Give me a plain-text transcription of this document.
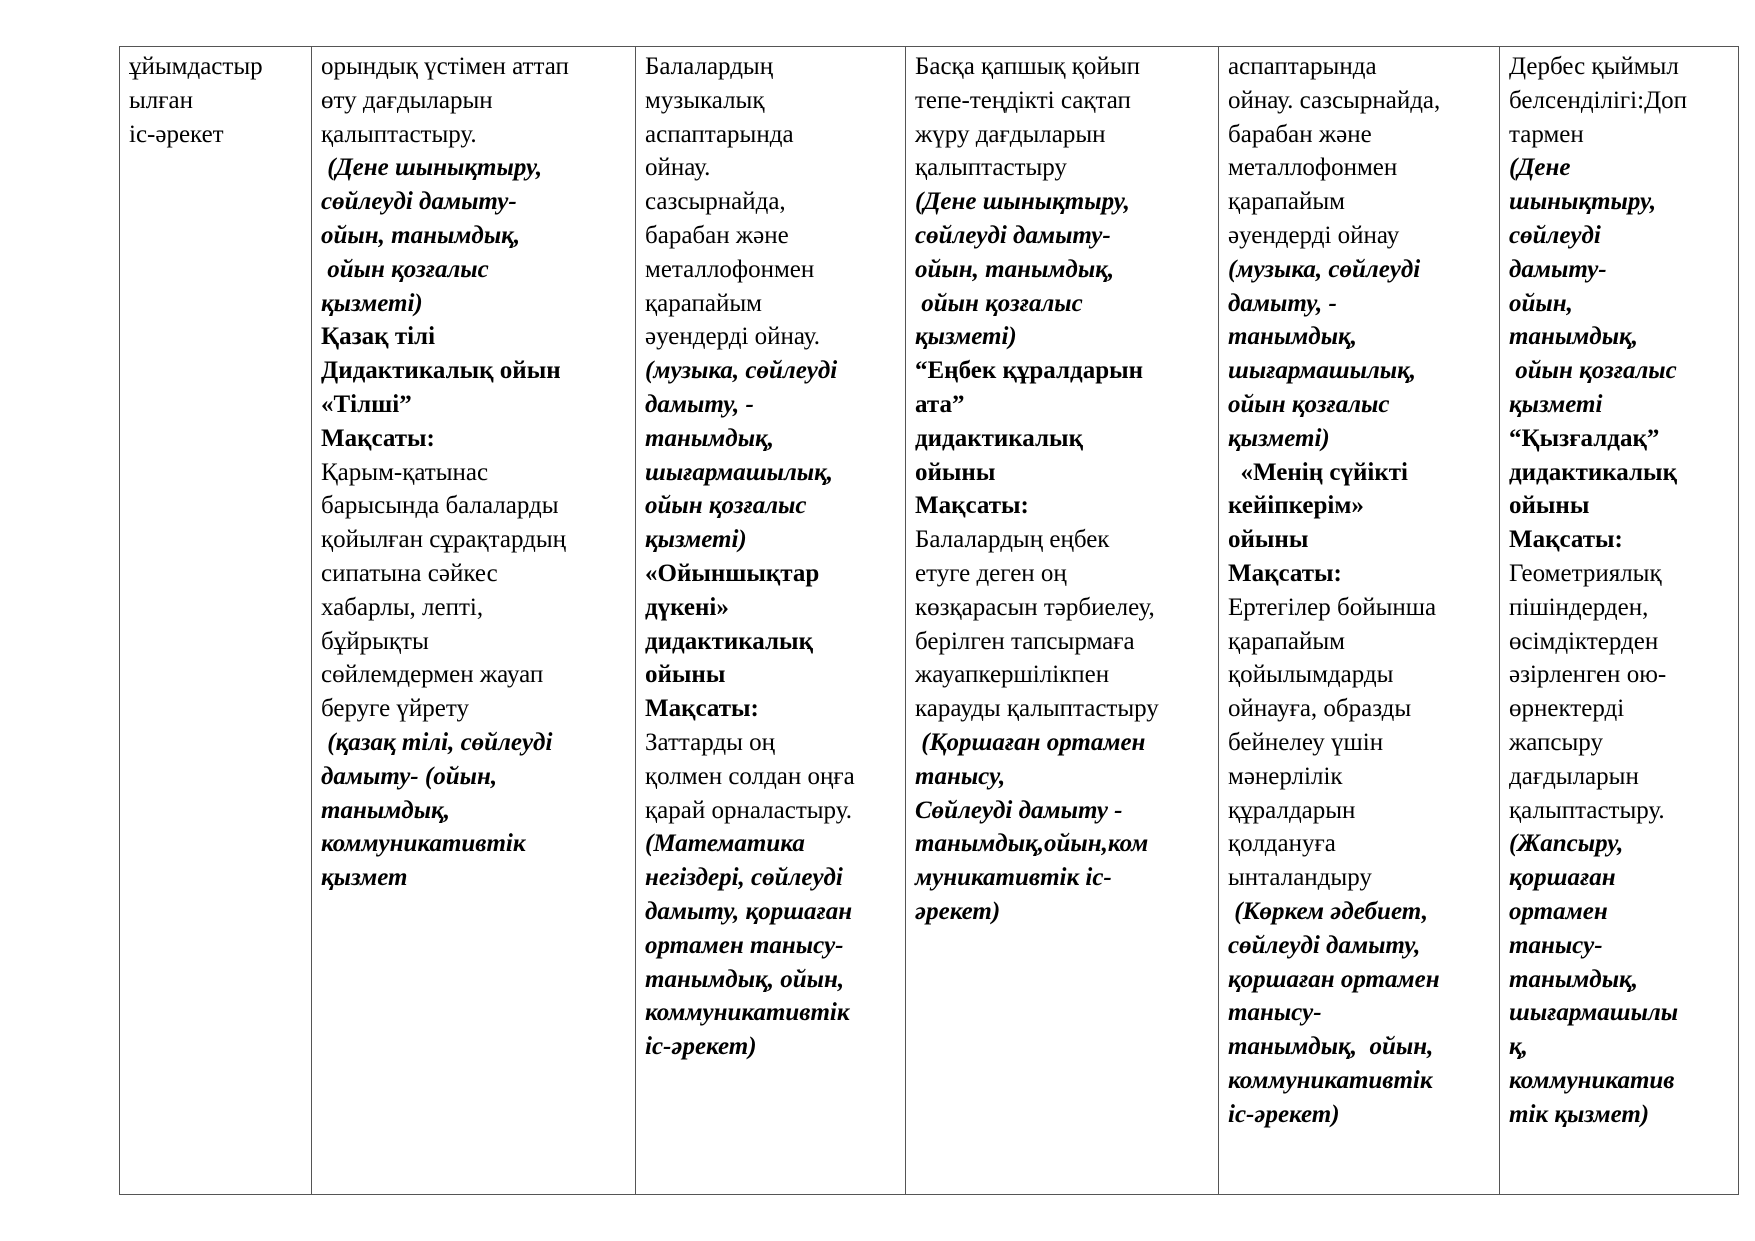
ұйымдастыр
ылған
іс-әрекет

орындық үстімен аттап
өту дағдыларын
қалыптастыру.
(Дене шынықтыру,
сөйлеуді дамыту-
ойын, танымдық,
ойын қозғалыс
қызметі)
Қазақ тілі
Дидактикалық ойын
«Тілші”
Мақсаты:
Қарым-қатынас
барысында балаларды
қойылған сұрақтардың
сипатына сәйкес
хабарлы, лепті,
бұйрықты
сөйлемдермен жауап
беруге үйрету
(қазақ тілі, сөйлеуді
дамыту- (ойын,
танымдық,
коммуникативтік
қызмет

Балалардың
музыкалық
аспаптарында
ойнау.
сазсырнайда,
барабан және
металлофонмен
қарапайым
әуендерді ойнау.
(музыка, сөйлеуді
дамыту, -
танымдық,
шығармашылық,
ойын қозғалыс
қызметі)
«Ойыншықтар
дүкені»
дидактикалық
ойыны
Мақсаты:
Заттарды оң
қолмен солдан оңға
қарай орналастыру.
(Математика
негіздері, сөйлеуді
дамыту, қоршаған
ортамен танысу-
танымдық, ойын,
коммуникативтік
іс-әрекет)

Басқа қапшық қойып
тепе-теңдікті сақтап
жүру дағдыларын
қалыптастыру
(Дене шынықтыру,
сөйлеуді дамыту-
ойын, танымдық,
ойын қозғалыс
қызметі)
“Еңбек құралдарын
ата”
дидактикалық
ойыны
Мақсаты:
Балалардың еңбек
етуге деген оң
көзқарасын тәрбиелеу,
берілген тапсырмаға
жауапкершілікпен
карауды қалыптастыру
(Қоршаған ортамен
танысу,
Сөйлеуді дамыту -
танымдық,ойын,ком
муникативтік іс-
әрекет)

аспаптарында
ойнау. сазсырнайда,
барабан және
металлофонмен
қарапайым
әуендерді ойнау
(музыка, сөйлеуді
дамыту, -
танымдық,
шығармашылық,
ойын қозғалыс
қызметі)
«Менің сүйікті
кейіпкерім»
ойыны
Мақсаты:
Ертегілер бойынша
қарапайым
қойылымдарды
ойнауға, образды
бейнелеу үшін
мәнерлілік
құралдарын
қолдануға
ынталандыру
(Көркем әдебиет,
сөйлеуді дамыту,
қоршаған ортамен
танысу-
танымдық,  ойын,
коммуникативтік
іс-әрекет)

Дербес қыймыл
белсенділігі:Доп
тармен
(Дене
шынықтыру,
сөйлеуді
дамыту-
ойын,
танымдық,
ойын қозғалыс
қызметі
“Қызғалдақ”
дидактикалық
ойыны
Мақсаты:
Геометриялық
пішіндерден,
өсімдіктерден
әзірленген ою-
өрнектерді
жапсыру
дағдыларын
қалыптастыру.
(Жапсыру,
қоршаған
ортамен
танысу-
танымдық,
шығармашылы
қ,
коммуникатив
тік қызмет)
